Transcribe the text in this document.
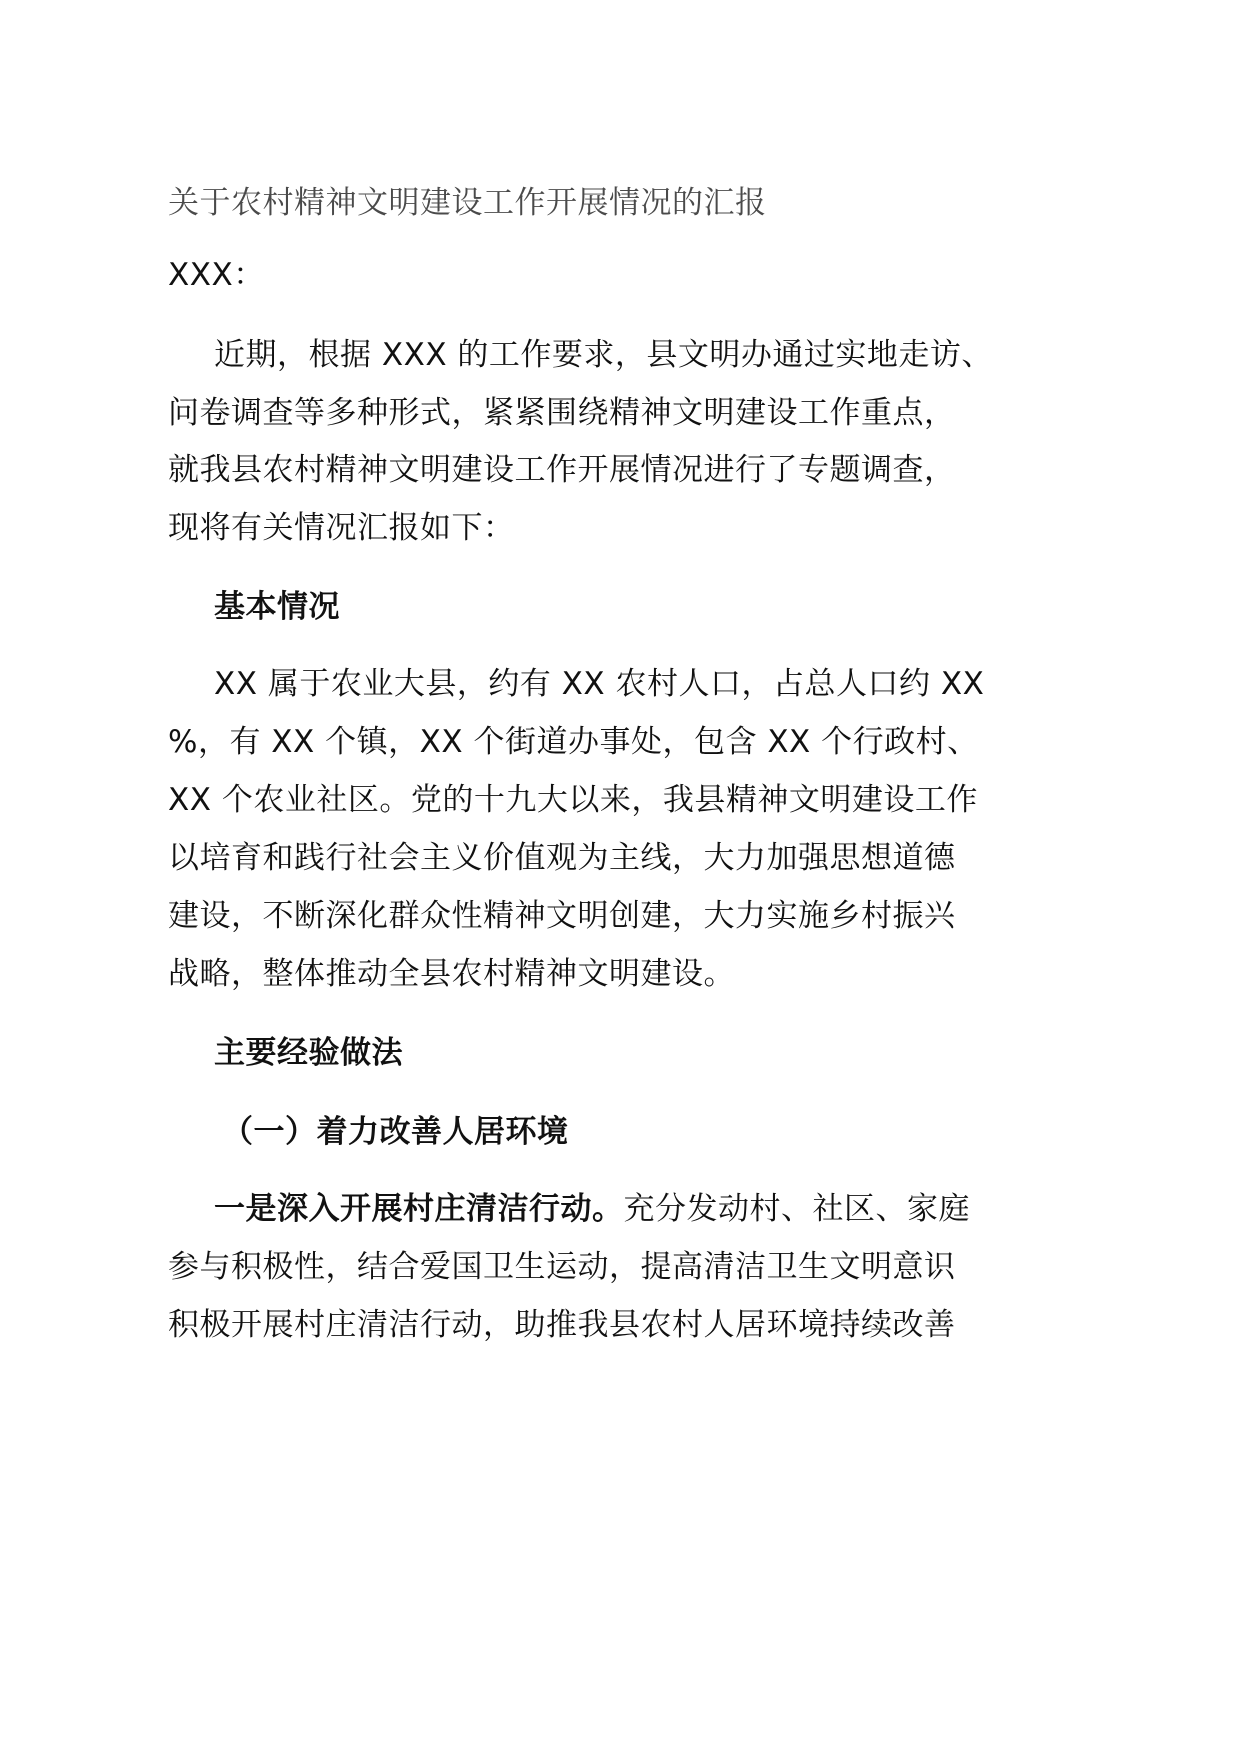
关于农村精神文明建设工作开展情况的汇报
XXX：
近期，根据 XXX 的工作要求，县文明办通过实地走访、
问卷调查等多种形式，紧紧围绕精神文明建设工作重点，
就我县农村精神文明建设工作开展情况进行了专题调查，
现将有关情况汇报如下：
基本情况
XX 属于农业大县，约有 XX 农村人口，占总人口约 XX
%，有 XX 个镇，XX 个街道办事处，包含 XX 个行政村、
XX 个农业社区。党的十九大以来，我县精神文明建设工作
以培育和践行社会主义价值观为主线，大力加强思想道德
建设，不断深化群众性精神文明创建，大力实施乡村振兴
战略，整体推动全县农村精神文明建设。
主要经验做法
（一）着力改善人居环境
一是深入开展村庄清洁行动。充分发动村、社区、家庭
参与积极性，结合爱国卫生运动，提高清洁卫生文明意识
积极开展村庄清洁行动，助推我县农村人居环境持续改善
